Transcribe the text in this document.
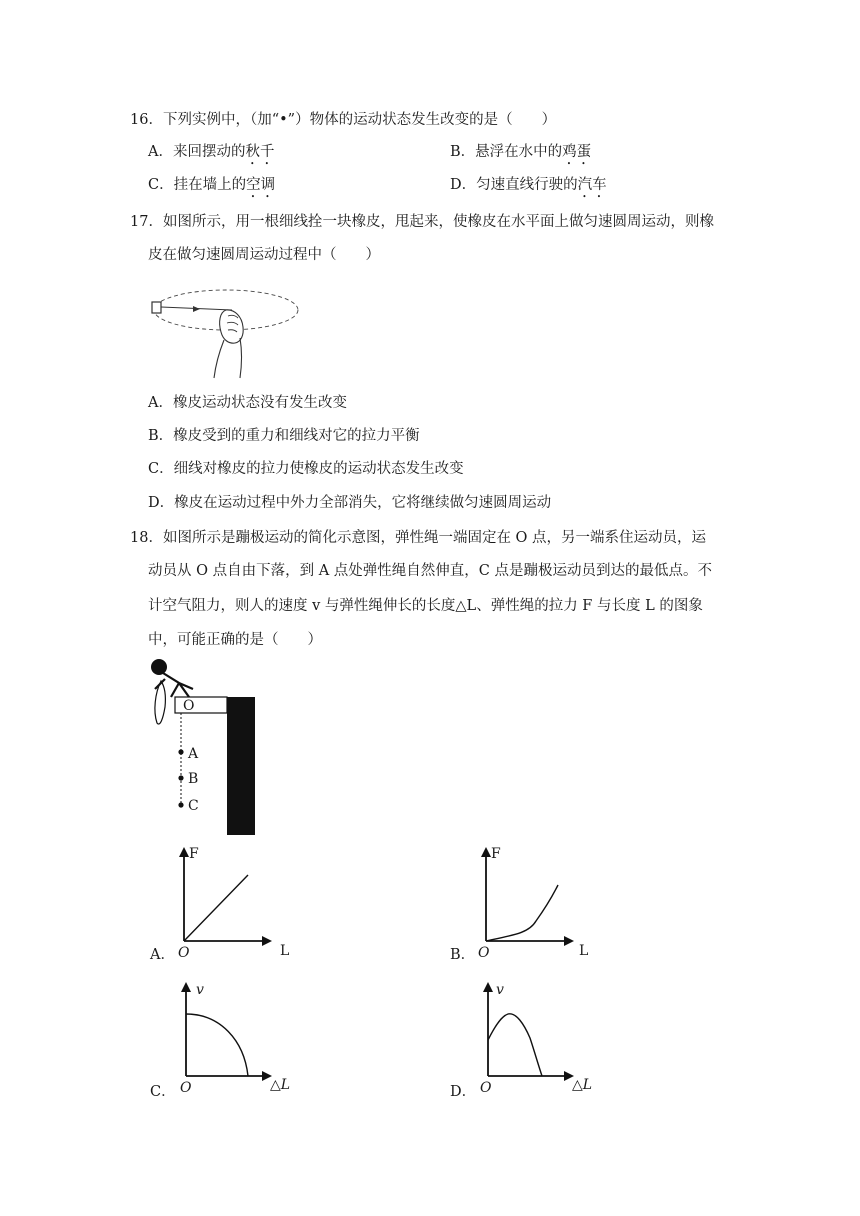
16．下列实例中，（加“•”）物体的运动状态发生改变的是（　　）
A．来回摆动的秋千	B．悬浮在水中的鸡蛋
C．挂在墙上的空调	D．匀速直线行驶的汽车
17．如图所示，用一根细线拴一块橡皮，甩起来，使橡皮在水平面上做匀速圆周运动，则橡
皮在做匀速圆周运动过程中（　　）
A．橡皮运动状态没有发生改变
B．橡皮受到的重力和细线对它的拉力平衡
C．细线对橡皮的拉力使橡皮的运动状态发生改变
D．橡皮在运动过程中外力全部消失，它将继续做匀速圆周运动
18．如图所示是蹦极运动的简化示意图，弹性绳一端固定在 O 点，另一端系住运动员，运
动员从 O 点自由下落，到 A 点处弹性绳自然伸直，C 点是蹦极运动员到达的最低点。不
计空气阻力，则人的速度 v 与弹性绳伸长的长度△L、弹性绳的拉力 F 与长度 L 的图象
中，可能正确的是（　　）
O
A
B
C
A．
F
L
O	B．
F
L
O
C．
v
△L
O	D．
v
△L
O
